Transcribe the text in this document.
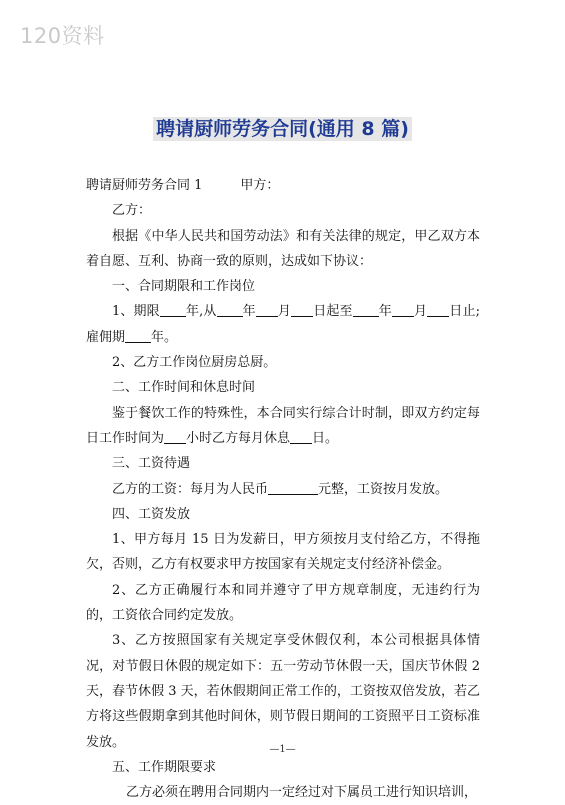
120资料
聘请厨师劳务合同(通用 8 篇)
聘请厨师劳务合同 1	甲方：

乙方：

根据《中华人民共和国劳动法》和有关法律的规定，甲乙双方本着自愿、互利、协商一致的原则，达成如下协议：

一、合同期限和工作岗位

1、期限 年,从 年 月 日起至 年 月 日止;雇佣期 年。

2、乙方工作岗位厨房总厨。

二、工作时间和休息时间

鉴于餐饮工作的特殊性，本合同实行综合计时制，即双方约定每日工作时间为 小时乙方每月休息 日。

三、工资待遇

乙方的工资：每月为人民币	元整，工资按月发放。

四、工资发放

1、甲方每月 15 日为发薪日，甲方须按月支付给乙方，不得拖欠，否则，乙方有权要求甲方按国家有关规定支付经济补偿金。

2、乙方正确履行本和同并遵守了甲方规章制度，无违约行为的，工资依合同约定发放。

3、乙方按照国家有关规定享受休假仅利，本公司根据具体情况，对节假日休假的规定如下：五一劳动节休假一天，国庆节休假 2 天，春节休假 3 天，若休假期间正常工作的，工资按双倍发放，若乙方将这些假期拿到其他时间休，则节假日期间的工资照平日工资标准发放。

五、工作期限要求

乙方必须在聘用合同期内一定经过对下属员工进行知识培训，

—1—
